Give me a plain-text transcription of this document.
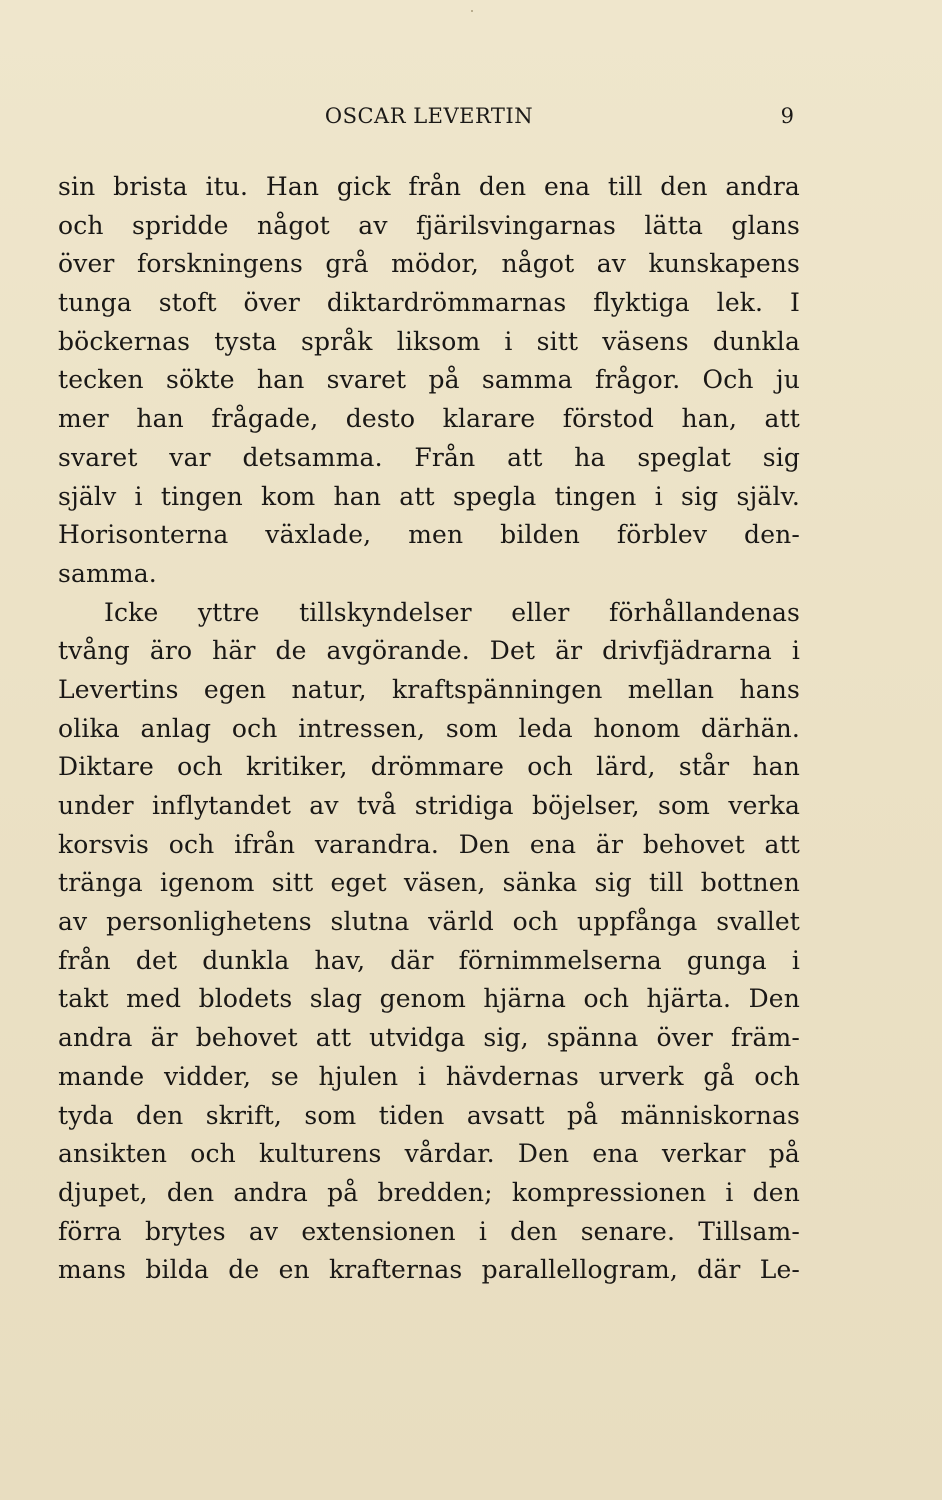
OSCAR LEVERTIN	9
sin brista itu. Han gick från den ena till den andra
och spridde något av fjärilsvingarnas lätta glans
över forskningens grå mödor, något av kunskapens
tunga stoft över diktardrömmarnas flyktiga lek. I
böckernas tysta språk liksom i sitt väsens dunkla
tecken sökte han svaret på samma frågor. Och ju
mer han frågade, desto klarare förstod han, att
svaret var detsamma. Från att ha speglat sig
själv i tingen kom han att spegla tingen i sig själv.
Horisonterna växlade, men bilden förblev den-
samma.
Icke yttre tillskyndelser eller förhållandenas
tvång äro här de avgörande. Det är drivfjädrarna i
Levertins egen natur, kraftspänningen mellan hans
olika anlag och intressen, som leda honom därhän.
Diktare och kritiker, drömmare och lärd, står han
under inflytandet av två stridiga böjelser, som verka
korsvis och ifrån varandra. Den ena är behovet att
tränga igenom sitt eget väsen, sänka sig till bottnen
av personlighetens slutna värld och uppfånga svallet
från det dunkla hav, där förnimmelserna gunga i
takt med blodets slag genom hjärna och hjärta. Den
andra är behovet att utvidga sig, spänna över främ-
mande vidder, se hjulen i hävdernas urverk gå och
tyda den skrift, som tiden avsatt på människornas
ansikten och kulturens vårdar. Den ena verkar på
djupet, den andra på bredden; kompressionen i den
förra brytes av extensionen i den senare. Tillsam-
mans bilda de en krafternas parallellogram, där Le-
